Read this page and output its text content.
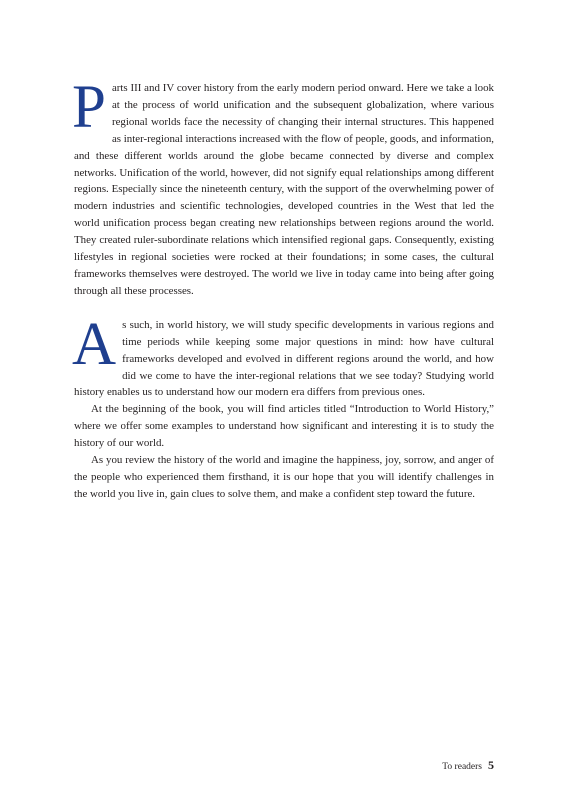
Parts III and IV cover history from the early modern period onward. Here we take a look at the process of world unification and the subsequent globalization, where various regional worlds face the necessity of changing their internal structures. This happened as inter-regional interactions increased with the flow of people, goods, and information, and these different worlds around the globe became connected by diverse and complex networks. Unification of the world, however, did not signify equal relationships among different regions. Especially since the nineteenth century, with the support of the overwhelming power of modern industries and scientific technologies, developed countries in the West that led the world unification process began creating new relationships between regions around the world. They created ruler-subordinate relations which intensified regional gaps. Consequently, existing lifestyles in regional societies were rocked at their foundations; in some cases, the cultural frameworks themselves were destroyed. The world we live in today came into being after going through all these processes.

As such, in world history, we will study specific developments in various regions and time periods while keeping some major questions in mind: how have cultural frameworks developed and evolved in different regions around the world, and how did we come to have the inter-regional relations that we see today? Studying world history enables us to understand how our modern era differs from previous ones.

At the beginning of the book, you will find articles titled “Introduction to World History,” where we offer some examples to understand how significant and interesting it is to study the history of our world.

As you review the history of the world and imagine the happiness, joy, sorrow, and anger of the people who experienced them firsthand, it is our hope that you will identify challenges in the world you live in, gain clues to solve them, and make a confident step toward the future.

To readers 5
